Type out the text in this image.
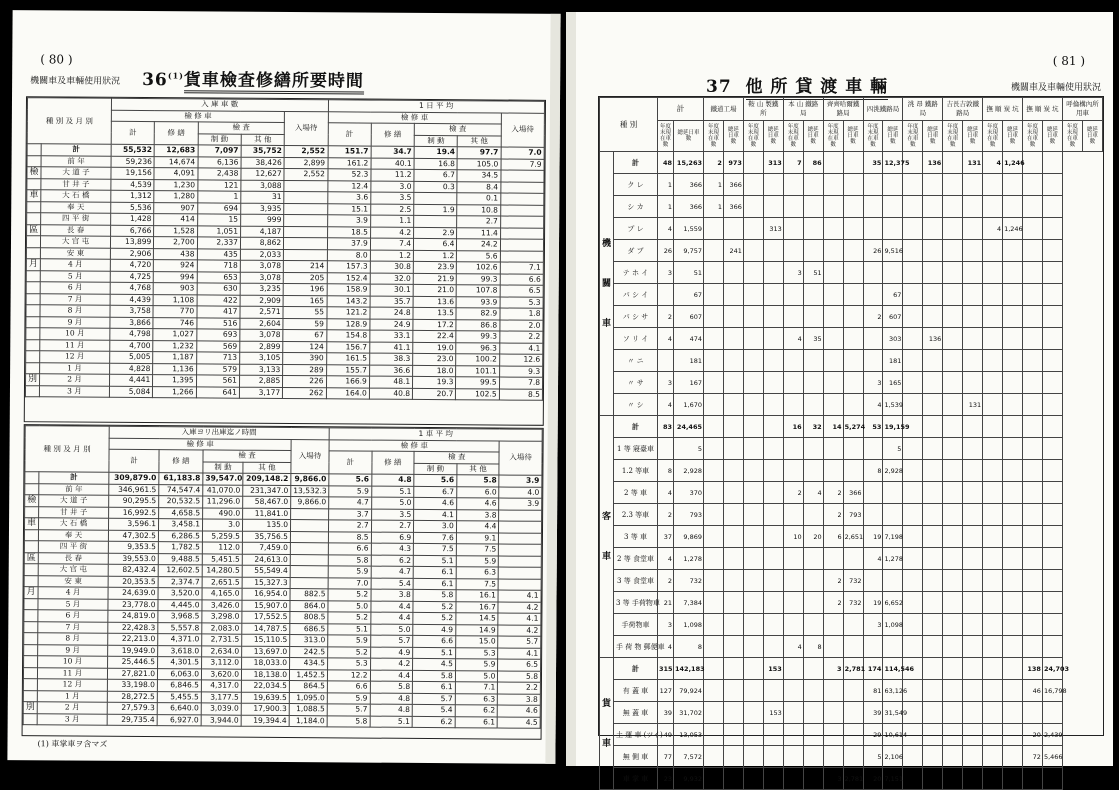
( 80 )
機關車及車輛使用狀況 36$^{(1)}$貨車檢査修繕所要時間
種 別 及 月 別		入 庫 車 數					1 日 平 均				
		檢 修 車				入場待	檢 修 車				入場待
		計	修 繕	檢 査			計	修 繕	檢 査		
				制 動	其 他				制 動	其 他	
	計	55,532	12,683	7,097	35,752	2,552	151.7	34.7	19.4	97.7	7.0
	前 年	59,236	14,674	6,136	38,426	2,899	161.2	40.1	16.8	105.0	7.9
檢	大 道 子	19,156	4,091	2,438	12,627	2,552	52.3	11.2	6.7	34.5	
	甘 井 子	4,539	1,230	121	3,088		12.4	3.0	0.3	8.4	
車	大 石 橋	1,312	1,280	1	31		3.6	3.5		0.1	
	奉 天	5,536	907	694	3,935		15.1	2.5	1.9	10.8	
	四 平 街	1,428	414	15	999		3.9	1.1		2.7	
區	長 春	6,766	1,528	1,051	4,187		18.5	4.2	2.9	11.4	
	大 官 屯	13,899	2,700	2,337	8,862		37.9	7.4	6.4	24.2	
	安 東	2,906	438	435	2,033		8.0	1.2	1.2	5.6	
月	4 月	4,720	924	718	3,078	214	157.3	30.8	23.9	102.6	7.1
	5 月	4,725	994	653	3,078	205	152.4	32.0	21.9	99.3	6.6
	6 月	4,768	903	630	3,235	196	158.9	30.1	21.0	107.8	6.5
	7 月	4,439	1,108	422	2,909	165	143.2	35.7	13.6	93.9	5.3
	8 月	3,758	770	417	2,571	55	121.2	24.8	13.5	82.9	1.8
	9 月	3,866	746	516	2,604	59	128.9	24.9	17.2	86.8	2.0
	10 月	4,798	1,027	693	3,078	67	154.8	33.1	22.4	99.3	2.2
	11 月	4,700	1,232	569	2,899	124	156.7	41.1	19.0	96.3	4.1
	12 月	5,005	1,187	713	3,105	390	161.5	38.3	23.0	100.2	12.6
	1 月	4,828	1,136	579	3,133	289	155.7	36.6	18.0	101.1	9.3
別	2 月	4,441	1,395	561	2,885	226	166.9	48.1	19.3	99.5	7.8
	3 月	5,084	1,266	641	3,177	262	164.0	40.8	20.7	102.5	8.5
種 別 及 月 別		入庫ヨリ出庫迄ノ時間					1 車 平 均				
		檢 修 車				入場待	檢 修 車				入場待
		計	修 繕	檢 査			計	修 繕	檢 査		
				制 動	其 他				制 動	其 他	
	計	309,879.0	61,183.8	39,547.0	209,148.2	9,866.0	5.6	4.8	5.6	5.8	3.9
	前 年	346,961.5	74,547.4	41,070.0	231,347.0	13,532.3	5.9	5.1	6.7	6.0	4.0
檢	大 道 子	90,295.5	20,532.5	11,296.0	58,467.0	9,866.0	4.7	5.0	4.6	4.6	3.9
	甘 井 子	16,992.5	4,658.5	490.0	11,841.0		3.7	3.5	4.1	3.8	
車	大 石 橋	3,596.1	3,458.1	3.0	135.0		2.7	2.7	3.0	4.4	
	奉 天	47,302.5	6,286.5	5,259.5	35,756.5		8.5	6.9	7.6	9.1	
	四 平 街	9,353.5	1,782.5	112.0	7,459.0		6.6	4.3	7.5	7.5	
區	長 春	39,553.0	9,488.5	5,451.5	24,613.0		5.8	6.2	5.1	5.9	
	大 官 屯	82,432.4	12,602.5	14,280.5	55,549.4		5.9	4.7	6.1	6.3	
	安 東	20,353.5	2,374.7	2,651.5	15,327.3		7.0	5.4	6.1	7.5	
月	4 月	24,639.0	3,520.0	4,165.0	16,954.0	882.5	5.2	3.8	5.8	16.1	4.1
	5 月	23,778.0	4,445.0	3,426.0	15,907.0	864.0	5.0	4.4	5.2	16.7	4.2
	6 月	24,819.0	3,968.5	3,298.0	17,552.5	808.5	5.2	4.4	5.2	14.5	4.1
	7 月	22,428.3	5,557.8	2,083.0	14,787.5	686.5	5.1	5.0	4.9	14.9	4.2
	8 月	22,213.0	4,371.0	2,731.5	15,110.5	313.0	5.9	5.7	6.6	15.0	5.7
	9 月	19,949.0	3,618.0	2,634.0	13,697.0	242.5	5.2	4.9	5.1	5.3	4.1
	10 月	25,446.5	4,301.5	3,112.0	18,033.0	434.5	5.3	4.2	4.5	5.9	6.5
	11 月	27,821.0	6,063.0	3,620.0	18,138.0	1,452.5	12.2	4.4	5.8	5.0	5.8
	12 月	33,198.0	6,846.5	4,317.0	22,034.5	864.5	6.6	5.8	6.1	7.1	2.2
	1 月	28,272.5	5,455.5	3,177.5	19,639.5	1,095.0	5.9	4.8	5.7	6.3	3.8
別	2 月	27,579.3	6,640.0	3,039.0	17,900.3	1,088.5	5.7	4.8	5.4	6.2	4.6
	3 月	29,735.4	6,927.0	3,944.0	19,394.4	1,184.0	5.8	5.1	6.2	6.1	4.5
(1) 車掌車ヲ含マズ
( 81 )
機關車及車輛使用狀況
37 他 所 貸 渡 車 輛
種 別		計		鐵道工場		鞍 山 製鐵所		本 山 鐵路局		齊齊哈爾鐵路局		四洮鐵路局		洮 昂 鐵路局		吉長吉敦鐵路局		撫 順 炭 坑		撫 順 炭 坑		呼倫構內所用車	
		年度末現在車數	總延日車數	年度末現在車數	總延日車數	年度末現在車數	總延日車數	年度末現在車數	總延日車數	年度末現在車數	總延日車數	年度末現在車數	總延日車數	年度末現在車數	總延日車數	年度末現在車數	總延日車數	年度末現在車數	總延日車數	年度末現在車數	總延日車數	年度末現在車數	總延日車數
機 關 車	計	48	15,263	2	973		313	7	86			35	12,375		136		131	4	1,246				
	ク レ	1	366	1	366																		
	シ カ	1	366	1	366																		
	プ レ	4	1,559				313											4	1,246				
	ダ ブ	26	9,757		241							26	9,516										
	テ ホ イ	3	51					3	51														
	パ シ イ		67										67										
	パ シ サ	2	607									2	607										
	ソ リ イ	4	474					4	35				303		136								
	〃 ニ		181										181										
	〃 サ	3	167									3	165										
	〃 シ	4	1,670									4	1,539				131						
客 車	計	83	24,465					16	32	14	5,274	53	19,159										
	1 等 寢臺車		5										5										
	1.2 等車	8	2,928									8	2,928										
	2 等 車	4	370					2	4	2	366												
	2.3 等車	2	793							2	793												
	3 等 車	37	9,869					10	20	6	2,651	19	7,198										
	2 等 食堂車	4	1,278									4	1,278										
	3 等 食堂車	2	732							2	732												
	3 等 手荷物車	21	7,384							2	732	19	6,652										
	手荷物車	3	1,098									3	1,098										
	手 荷 物 郵便車	4	8					4	8														
貨 車	計	315	142,183				153			3	2,781	174	114,546							138	24,703		
	有 蓋 車	127	79,924									81	63,126							46	16,798		
	無 蓋 車	39	31,702				153					39	31,549										
	土 運 車 (ツイ)	49	13,053									29	10,614							20	2,439		
	無 側 車	77	7,572									5	2,106							72	5,466		
	車 掌 車	23	9,932							3	2,781	20	7,151										
